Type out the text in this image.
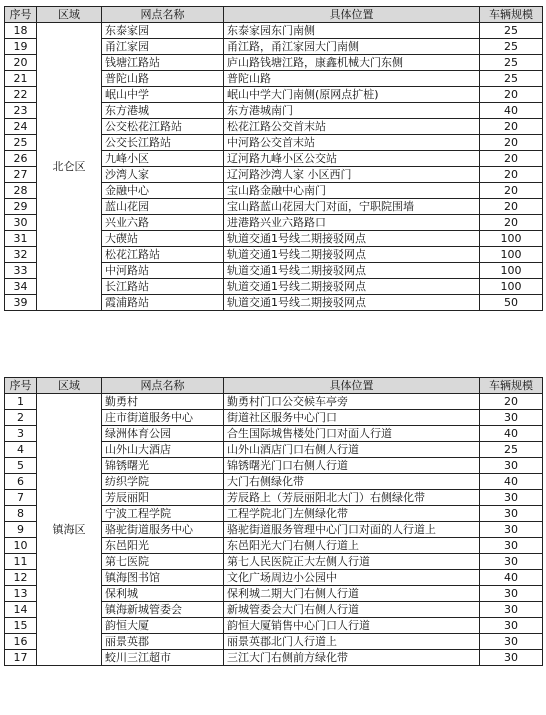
序号	区域	网点名称	具体位置	车辆规模
18	北仑区	东泰家园	东泰家园东门南侧	25
19		甬江家园	甬江路，甬江家园大门南侧	25
20		钱塘江路站	庐山路钱塘江路，康鑫机械大门东侧	25
21		普陀山路	普陀山路	25
22		岷山中学	岷山中学大门南侧(原网点扩桩)	20
23		东方港城	东方港城南门	40
24		公交松花江路站	松花江路公交首末站	20
25		公交长江路站	中河路公交首末站	20
26		九峰小区	辽河路九峰小区公交站	20
27		沙湾人家	辽河路沙湾人家 小区西门	20
28		金融中心	宝山路金融中心南门	20
29		蓝山花园	宝山路蓝山花园大门对面，宁职院围墙	20
30		兴业六路	进港路兴业六路路口	20
31		大碶站	轨道交通1号线二期接驳网点	100
32		松花江路站	轨道交通1号线二期接驳网点	100
33		中河路站	轨道交通1号线二期接驳网点	100
34		长江路站	轨道交通1号线二期接驳网点	100
39		霞浦路站	轨道交通1号线二期接驳网点	50
序号	区域	网点名称	具体位置	车辆规模
1	镇海区	勤勇村	勤勇村门口公交候车亭旁	20
2		庄市街道服务中心	街道社区服务中心门口	30
3		绿洲体育公园	合生国际城售楼处门口对面人行道	40
4		山外山大酒店	山外山酒店门口右侧人行道	25
5		锦锈曙光	锦锈曙光门口右侧人行道	30
6		纺织学院	大门右侧绿化带	40
7		芳辰丽阳	芳辰路上（芳辰丽阳北大门）右侧绿化带	30
8		宁波工程学院	工程学院北门左侧绿化带	30
9		骆驼街道服务中心	骆驼街道服务管理中心门口对面的人行道上	30
10		东邑阳光	东邑阳光大门右侧人行道上	30
11		第七医院	第七人民医院正大左侧人行道	30
12		镇海图书馆	文化广场周边小公园中	40
13		保利城	保利城二期大门右侧人行道	30
14		镇海新城管委会	新城管委会大门右侧人行道	30
15		韵恒大厦	韵恒大厦销售中心门口人行道	30
16		丽景英郡	丽景英郡北门人行道上	30
17		蛟川三江超市	三江大门右侧前方绿化带	30
